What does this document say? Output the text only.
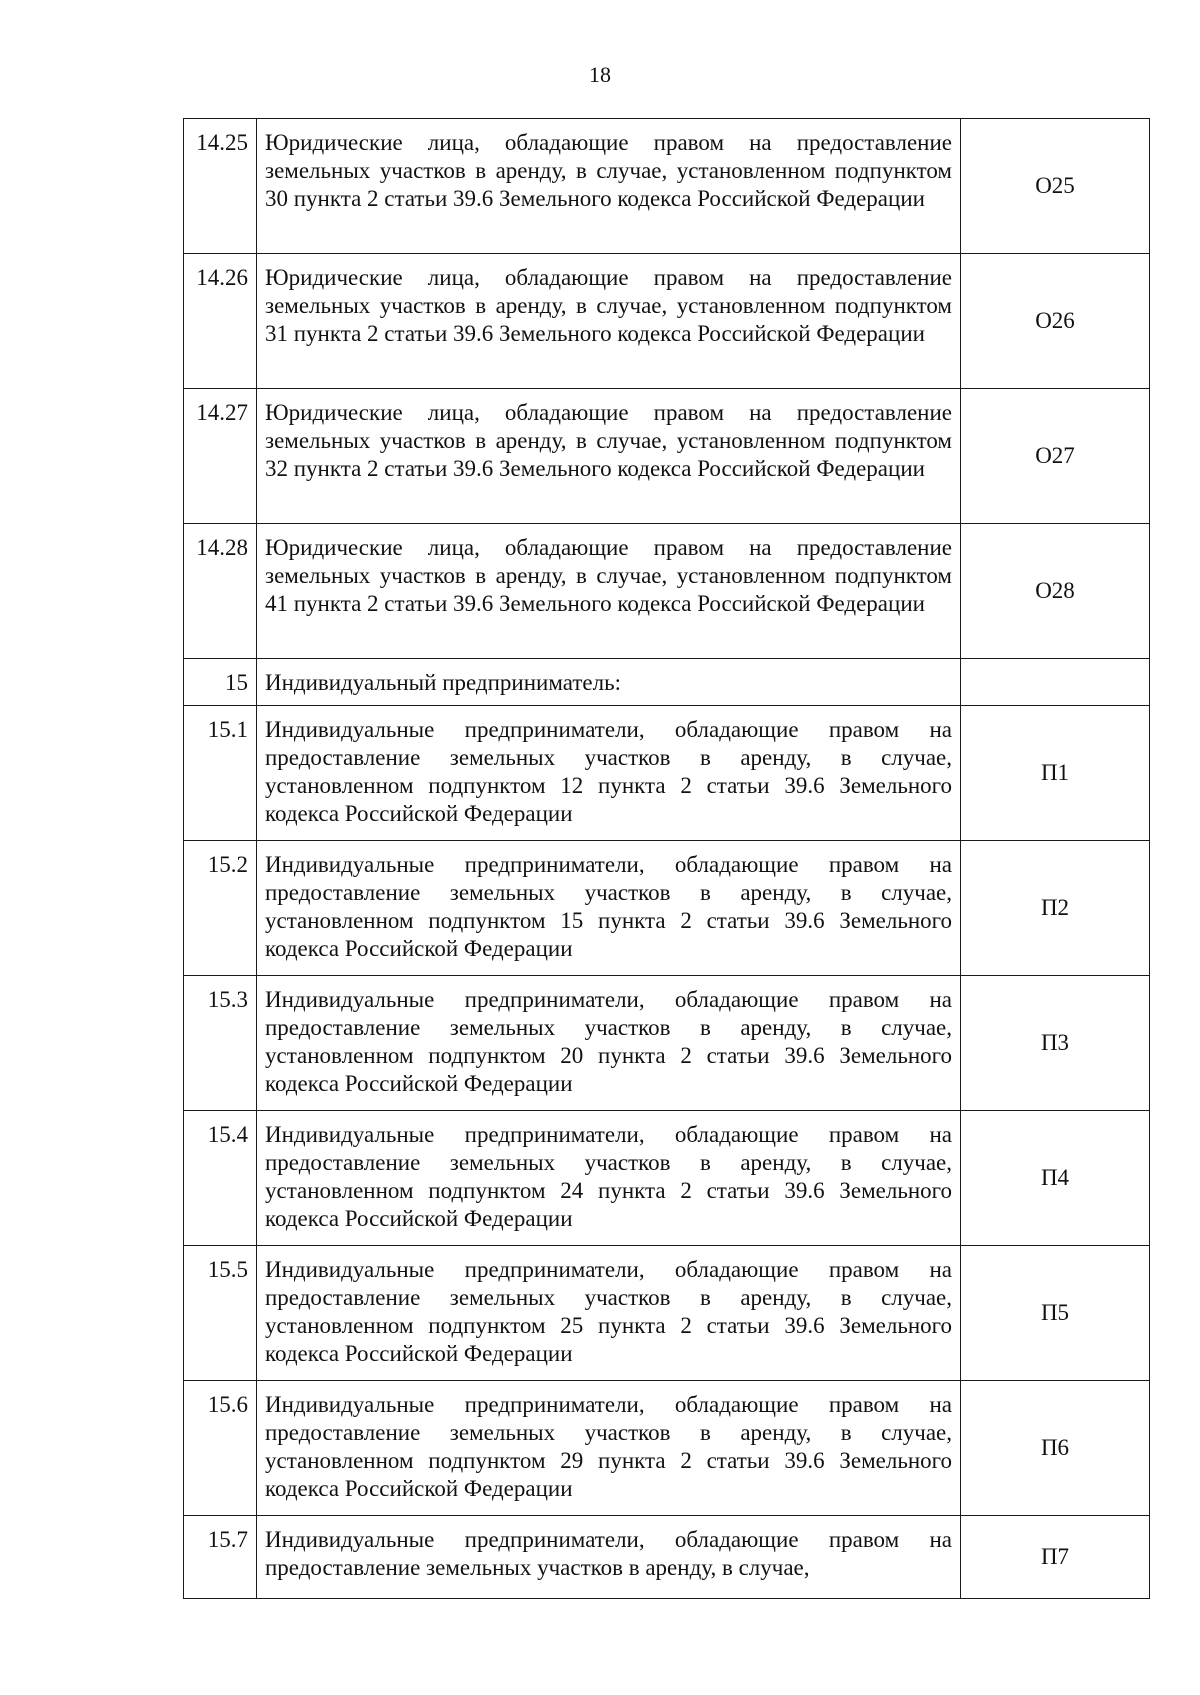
18
14.25	Юридические лица, обладающие правом на предоставление земельных участков в аренду, в случае, установленном подпунктом 30 пункта 2 статьи 39.6 Земельного кодекса Российской Федерации	О25
14.26	Юридические лица, обладающие правом на предоставление земельных участков в аренду, в случае, установленном подпунктом 31 пункта 2 статьи 39.6 Земельного кодекса Российской Федерации	О26
14.27	Юридические лица, обладающие правом на предоставление земельных участков в аренду, в случае, установленном подпунктом 32 пункта 2 статьи 39.6 Земельного кодекса Российской Федерации	О27
14.28	Юридические лица, обладающие правом на предоставление земельных участков в аренду, в случае, установленном подпунктом 41 пункта 2 статьи 39.6 Земельного кодекса Российской Федерации	О28
15	Индивидуальный предприниматель:	
15.1	Индивидуальные предприниматели, обладающие правом на предоставление земельных участков в аренду, в случае, установленном подпунктом 12 пункта 2 статьи 39.6 Земельного кодекса Российской Федерации	П1
15.2	Индивидуальные предприниматели, обладающие правом на предоставление земельных участков в аренду, в случае, установленном подпунктом 15 пункта 2 статьи 39.6 Земельного кодекса Российской Федерации	П2
15.3	Индивидуальные предприниматели, обладающие правом на предоставление земельных участков в аренду, в случае, установленном подпунктом 20 пункта 2 статьи 39.6 Земельного кодекса Российской Федерации	П3
15.4	Индивидуальные предприниматели, обладающие правом на предоставление земельных участков в аренду, в случае, установленном подпунктом 24 пункта 2 статьи 39.6 Земельного кодекса Российской Федерации	П4
15.5	Индивидуальные предприниматели, обладающие правом на предоставление земельных участков в аренду, в случае, установленном подпунктом 25 пункта 2 статьи 39.6 Земельного кодекса Российской Федерации	П5
15.6	Индивидуальные предприниматели, обладающие правом на предоставление земельных участков в аренду, в случае, установленном подпунктом 29 пункта 2 статьи 39.6 Земельного кодекса Российской Федерации	П6
15.7	Индивидуальные предприниматели, обладающие правом на предоставление земельных участков в аренду, в случае,	П7
